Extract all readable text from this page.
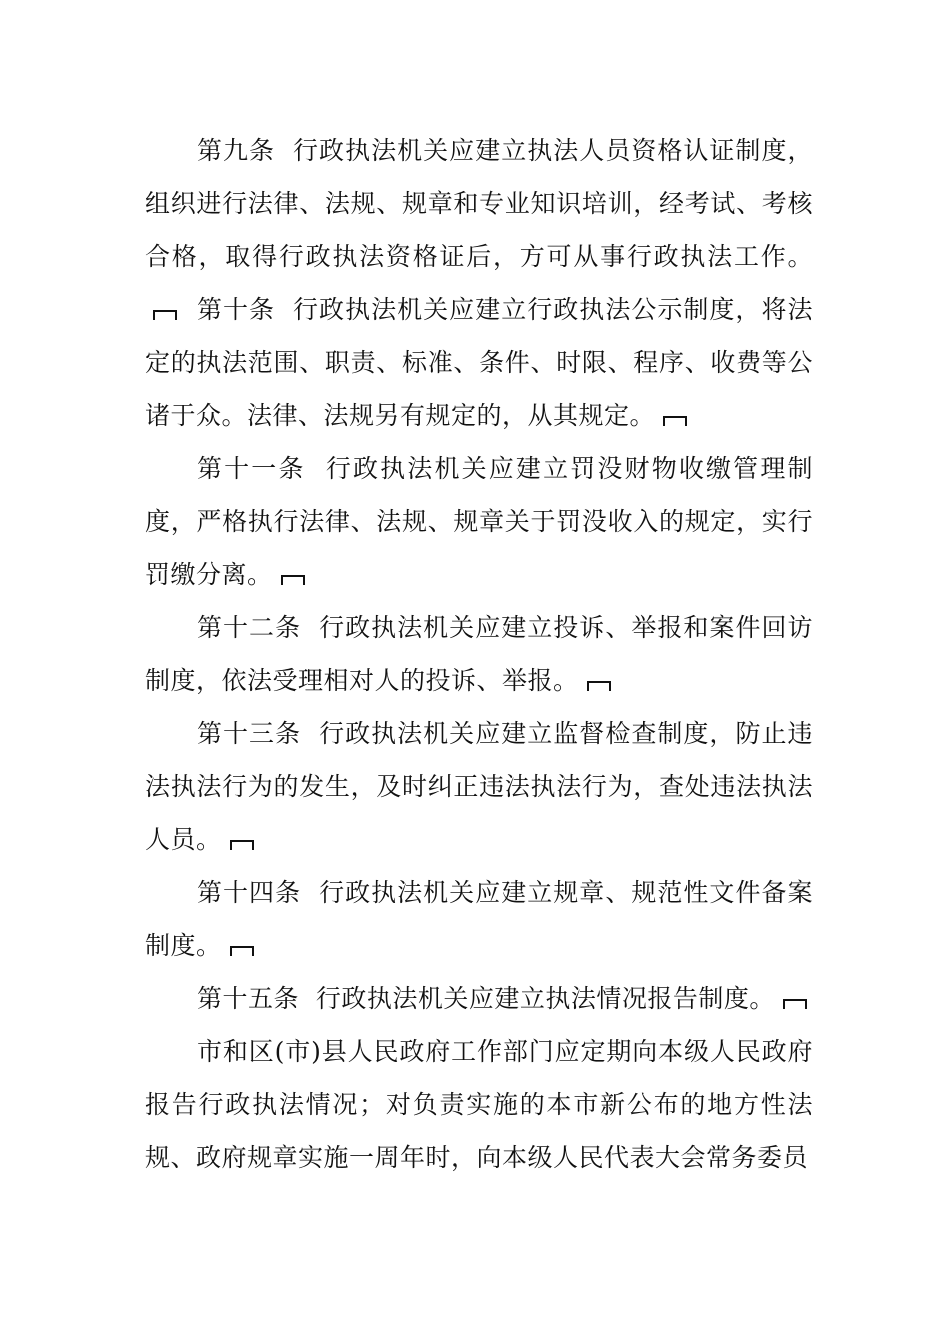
第九条 行政执法机关应建立执法人员资格认证制度，组织进行法律、法规、规章和专业知识培训，经考试、考核合格，取得行政执法资格证后，方可从事行政执法工作。

第十条 行政执法机关应建立行政执法公示制度，将法定的执法范围、职责、标准、条件、时限、程序、收费等公诸于众。法律、法规另有规定的，从其规定。

第十一条 行政执法机关应建立罚没财物收缴管理制度，严格执行法律、法规、规章关于罚没收入的规定，实行罚缴分离。

第十二条 行政执法机关应建立投诉、举报和案件回访制度，依法受理相对人的投诉、举报。

第十三条 行政执法机关应建立监督检查制度，防止违法执法行为的发生，及时纠正违法执法行为，查处违法执法人员。

第十四条 行政执法机关应建立规章、规范性文件备案制度。

第十五条 行政执法机关应建立执法情况报告制度。

市和区(市)县人民政府工作部门应定期向本级人民政府报告行政执法情况；对负责实施的本市新公布的地方性法规、政府规章实施一周年时，向本级人民代表大会常务委员
